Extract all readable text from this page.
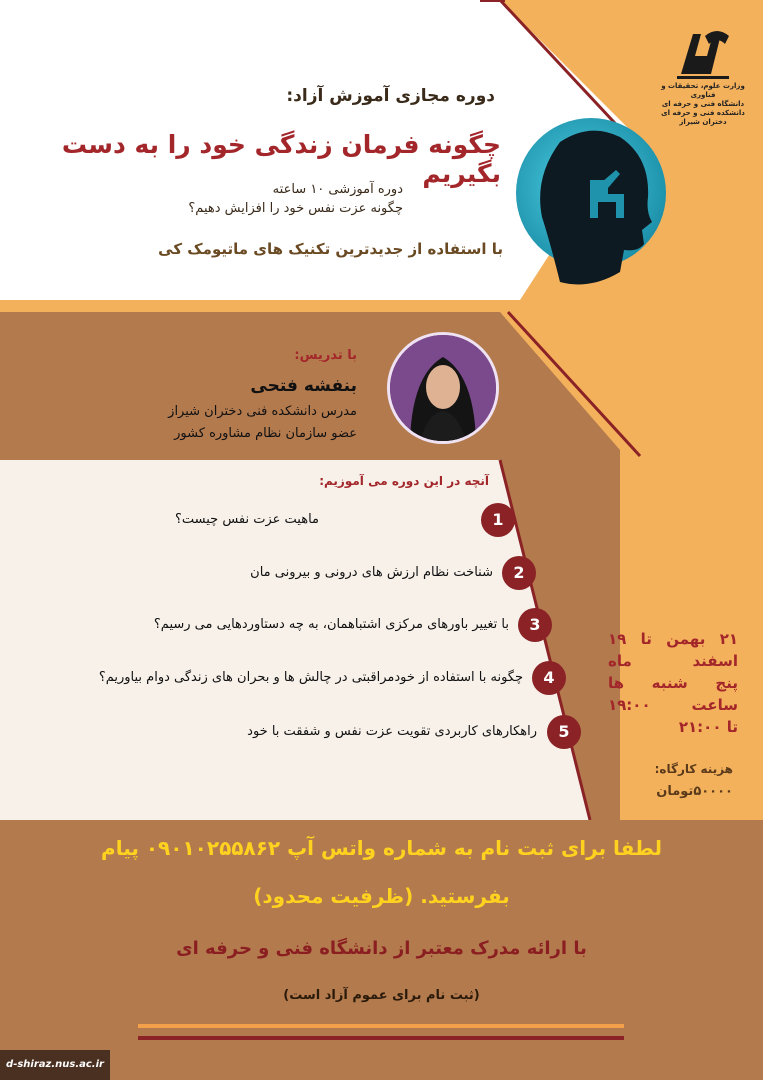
وزارت علوم، تحقیقات و فناوری
دانشگاه فنی و حرفه ای
دانشکده فنی و حرفه ای دختران شیراز
دوره مجازی آموزش آزاد:
چگونه فرمان زندگی خود را به دست بگیریم
دوره آموزشی ۱۰ ساعته
چگونه عزت نفس خود را افزایش دهیم؟
با استفاده از جدیدترین تکنیک های ماتیومک کی
با تدریس:
بنفشه فتحی
مدرس دانشکده فنی دختران شیراز
عضو سازمان نظام مشاوره کشور
آنچه در این دوره می آموزیم:
1
ماهیت عزت نفس چیست؟
2
شناخت نظام ارزش های درونی و بیرونی مان
3
با تغییر باورهای مرکزی اشتباهمان، به چه دستاوردهایی می رسیم؟
4
چگونه با استفاده از خودمراقبتی در چالش ها و بحران های زندگی دوام بیاوریم؟
5
راهکارهای کاربردی تقویت عزت نفس و شفقت با خود
۲۱ بهمن تا ۱۹
اسفند ماه
پنج شنبه ها
ساعت ۱۹:۰۰
تا ۲۱:۰۰
هزینه کارگاه:
۵۰۰۰۰تومان
لطفا برای ثبت نام به شماره واتس آپ ۰۹۰۱۰۲۵۵۸۶۲ پیام
بفرستید. (ظرفیت محدود)
با ارائه مدرک معتبر از دانشگاه فنی و حرفه ای
(ثبت نام برای عموم آزاد است)
d-shiraz.nus.ac.ir
